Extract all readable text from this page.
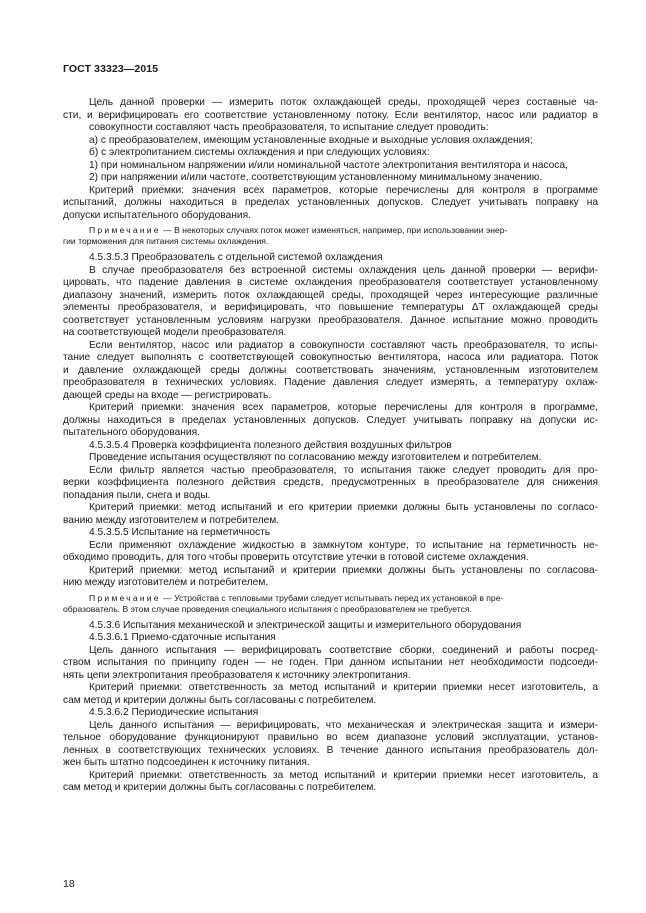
ГОСТ 33323—2015
Цель данной проверки — измерить поток охлаждающей среды, проходящей через составные ча-
сти, и верифицировать его соответствие установленному потоку. Если вентилятор, насос или радиатор в
совокупности составляют часть преобразователя, то испытание следует проводить:
а) с преобразователем, имеющим установленные входные и выходные условия охлаждения;
б) с электропитанием системы охлаждения и при следующих условиях:
1) при номинальном напряжении и/или номинальной частоте электропитания вентилятора и насоса,
2) при напряжении и/или частоте, соответствующим установленному минимальному значению.
Критерий приемки: значения всех параметров, которые перечислены для контроля в программе
испытаний, должны находиться в пределах установленных допусков. Следует учитывать поправку на
допуски испытательного оборудования.
Примечание — В некоторых случаях поток может изменяться, например, при использовании энер-
гии торможения для питания системы охлаждения.
4.5.3.5.3 Преобразователь с отдельной системой охлаждения
В случае преобразователя без встроенной системы охлаждения цель данной проверки — верифи-
цировать, что падение давления в системе охлаждения преобразователя соответствует установленному
диапазону значений, измерить поток охлаждающей среды, проходящей через интересующие различные
элементы преобразователя, и верифицировать, что повышение температуры ΔT охлаждающей среды
соответствует установленным условиям нагрузки преобразователя. Данное испытание можно проводить
на соответствующей модели преобразователя.
Если вентилятор, насос или радиатор в совокупности составляют часть преобразователя, то испы-
тание следует выполнять с соответствующей совокупностью вентилятора, насоса или радиатора. Поток
и давление охлаждающей среды должны соответствовать значениям, установленным изготовителем
преобразователя в технических условиях. Падение давления следует измерять, а температуру охлаж-
дающей среды на входе — регистрировать.
Критерий приемки: значения всех параметров, которые перечислены для контроля в программе,
должны находиться в пределах установленных допусков. Следует учитывать поправку на допуски ис-
пытательного оборудования.
4.5.3.5.4 Проверка коэффициента полезного действия воздушных фильтров
Проведение испытания осуществляют по согласованию между изготовителем и потребителем.
Если фильтр является частью преобразователя, то испытания также следует проводить для про-
верки коэффициента полезного действия средств, предусмотренных в преобразователе для снижения
попадания пыли, снега и воды.
Критерий приемки: метод испытаний и его критерии приемки должны быть установлены по согласо-
ванию между изготовителем и потребителем.
4.5.3.5.5 Испытание на герметичность
Если применяют охлаждение жидкостью в замкнутом контуре, то испытание на герметичность не-
обходимо проводить, для того чтобы проверить отсутствие утечки в готовой системе охлаждения.
Критерий приемки: метод испытаний и критерии приемки должны быть установлены по согласова-
нию между изготовителем и потребителем.
Примечание — Устройства с тепловыми трубами следует испытывать перед их установкой в пре-
образователь. В этом случае проведения специального испытания с преобразователем не требуется.
4.5.3.6 Испытания механической и электрической защиты и измерительного оборудования
4.5.3.6.1 Приемо-сдаточные испытания
Цель данного испытания — верифицировать соответствие сборки, соединений и работы посред-
ством испытания по принципу годен — не годен. При данном испытании нет необходимости подсоеди-
нять цепи электропитания преобразователя к источнику электропитания.
Критерий приемки: ответственность за метод испытаний и критерии приемки несет изготовитель, а
сам метод и критерии должны быть согласованы с потребителем.
4.5.3.6.2 Периодические испытания
Цель данного испытания — верифицировать, что механическая и электрическая защита и измери-
тельное оборудование функционируют правильно во всем диапазоне условий эксплуатации, установ-
ленных в соответствующих технических условиях. В течение данного испытания преобразователь дол-
жен быть штатно подсоединен к источнику питания.
Критерий приемки: ответственность за метод испытаний и критерии приемки несет изготовитель, а
сам метод и критерии должны быть согласованы с потребителем.
18
